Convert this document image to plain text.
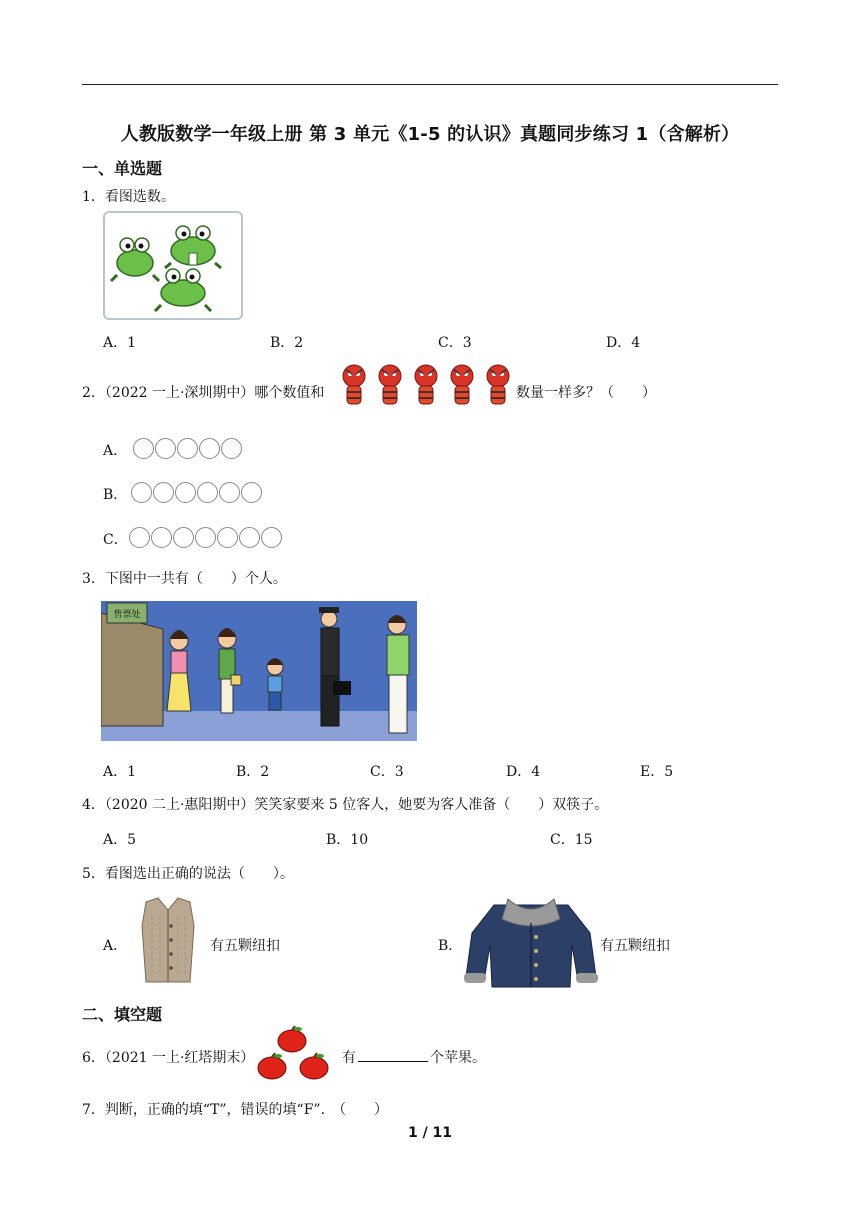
人教版数学一年级上册 第 3 单元《1-5 的认识》真题同步练习 1（含解析）
一、单选题
1．看图选数。
A．1	B．2	C．3	D．4
2．（2022 一上·深圳期中）哪个数值和	数量一样多？（　　）
A．
B．
C．
3．下图中一共有（　　）个人。
售票处
A．1	B．2	C．3	D．4	E．5
4．（2020 二上·惠阳期中）笑笑家要来 5 位客人，她要为客人准备（　　）双筷子。
A．5	B．10	C．15
5．看图选出正确的说法（　　）。
A．	有五颗纽扣	B．	有五颗纽扣
二、填空题
6．（2021 一上·红塔期末）	有	个苹果。
7．判断，正确的填“T”，错误的填“F”.　（　　）
1 / 11
